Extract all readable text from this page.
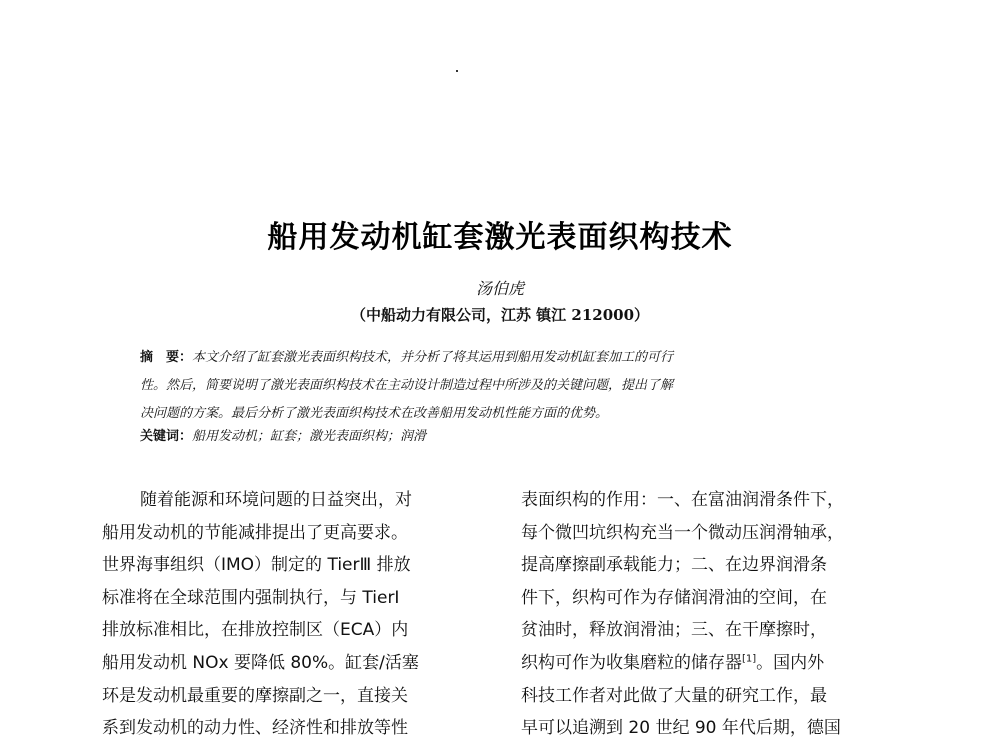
船用发动机缸套激光表面织构技术
汤伯虎
（中船动力有限公司，江苏 镇江 212000）
摘　要：本文介绍了缸套激光表面织构技术，并分析了将其运用到船用发动机缸套加工的可行
性。然后，简要说明了激光表面织构技术在主动设计制造过程中所涉及的关键问题，提出了解
决问题的方案。最后分析了激光表面织构技术在改善船用发动机性能方面的优势。
关键词：船用发动机；缸套；激光表面织构；润滑
随着能源和环境问题的日益突出，对
船用发动机的节能减排提出了更高要求。
世界海事组织（IMO）制定的 TierⅢ 排放
标准将在全球范围内强制执行，与 TierⅠ
排放标准相比，在排放控制区（ECA）内
船用发动机 NOx 要降低 80%。缸套/活塞
环是发动机最重要的摩擦副之一，直接关
系到发动机的动力性、经济性和排放等性
表面织构的作用：一、在富油润滑条件下，
每个微凹坑织构充当一个微动压润滑轴承，
提高摩擦副承载能力；二、在边界润滑条
件下，织构可作为存储润滑油的空间，在
贫油时，释放润滑油；三、在干摩擦时，
织构可作为收集磨粒的储存器[1]。国内外
科技工作者对此做了大量的研究工作，最
早可以追溯到 20 世纪 90 年代后期，德国
